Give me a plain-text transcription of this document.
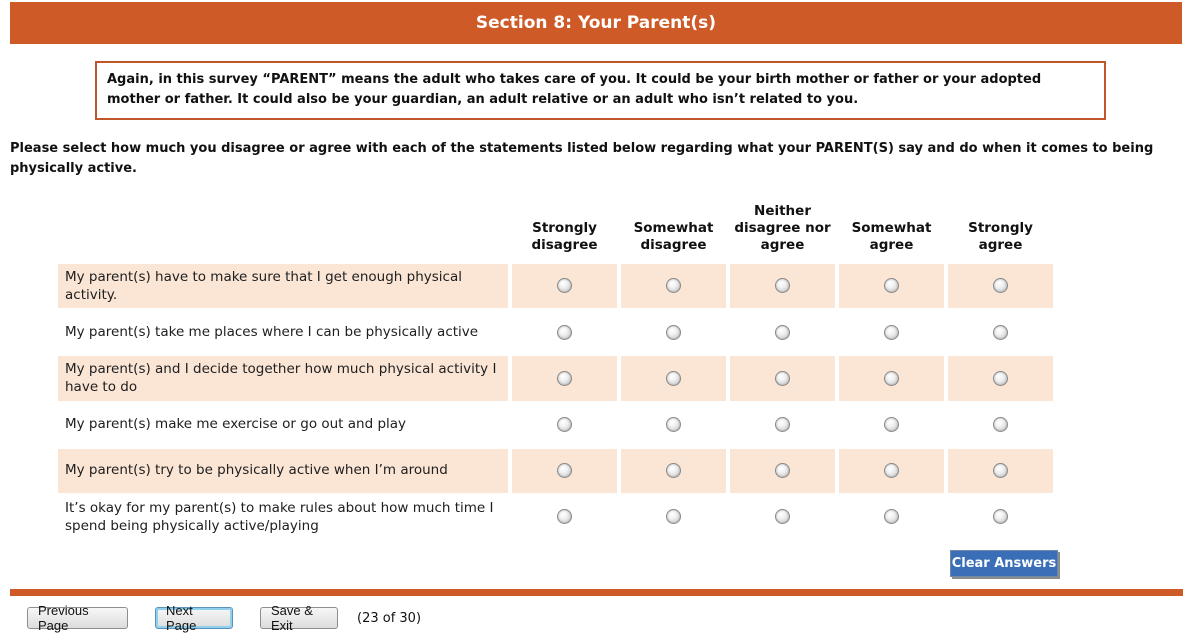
Section 8: Your Parent(s)
Again, in this survey “PARENT” means the adult who takes care of you. It could be your birth mother or father or your adopted mother or father. It could also be your guardian, an adult relative or an adult who isn’t related to you.
Please select how much you disagree or agree with each of the statements listed below regarding what your PARENT(S) say and do when it comes to being physically active.
Strongly disagree
Somewhat disagree
Neither disagree nor agree
Somewhat agree
Strongly agree
My parent(s) have to make sure that I get enough physical activity.
My parent(s) take me places where I can be physically active
My parent(s) and I decide together how much physical activity I have to do
My parent(s) make me exercise or go out and play
My parent(s) try to be physically active when I’m around
It’s okay for my parent(s) to make rules about how much time I spend being physically active/playing
Clear Answers
Previous Page
Next Page
Save & Exit	(23 of 30)
